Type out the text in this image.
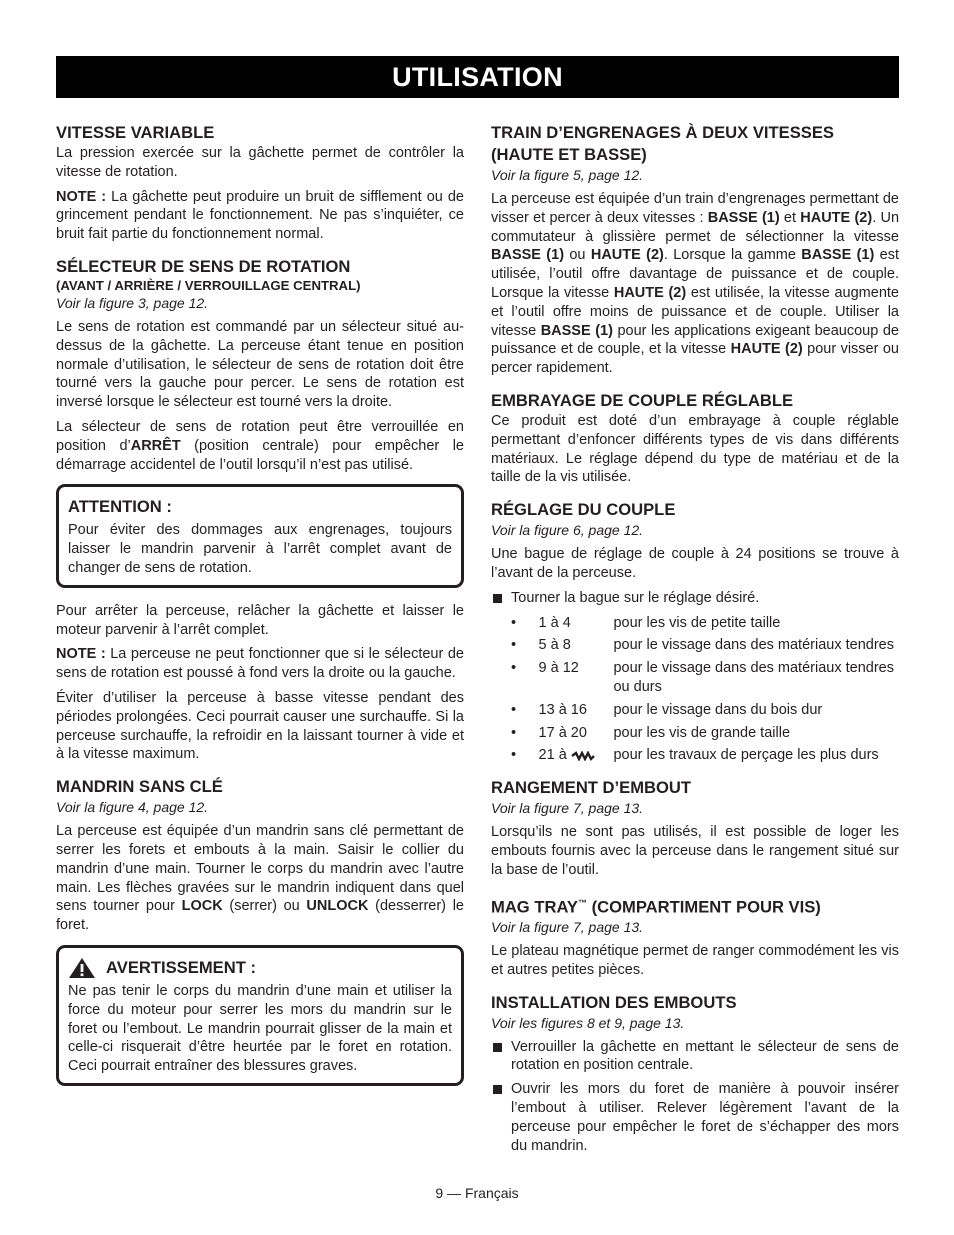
UTILISATION
VITESSE VARIABLE

La pression exercée sur la gâchette permet de contrôler la vitesse de rotation.

NOTE : La gâchette peut produire un bruit de sifflement ou de grincement pendant le fonctionnement. Ne pas s’inquiéter, ce bruit fait partie du fonctionnement normal.

SÉLECTEUR DE SENS DE ROTATION
(AVANT / ARRIÈRE / VERROUILLAGE CENTRAL)
Voir la figure 3, page 12.

Le sens de rotation est commandé par un sélecteur situé au-dessus de la gâchette. La perceuse étant tenue en position normale d’utilisation, le sélecteur de sens de rotation doit être tourné vers la gauche pour percer. Le sens de rotation est inversé lorsque le sélecteur est tourné vers la droite.

La sélecteur de sens de rotation peut être verrouillée en position d’ARRÊT (position centrale) pour empêcher le démarrage accidentel de l’outil lorsqu’il n’est pas utilisé.

ATTENTION :

Pour éviter des dommages aux engrenages, toujours laisser le mandrin parvenir à l’arrêt complet avant de changer de sens de rotation.

Pour arrêter la perceuse, relâcher la gâchette et laisser le moteur parvenir à l’arrêt complet.

NOTE : La perceuse ne peut fonctionner que si le sélecteur de sens de rotation est poussé à fond vers la droite ou la gauche.

Éviter d’utiliser la perceuse à basse vitesse pendant des périodes prolongées. Ceci pourrait causer une surchauffe. Si la perceuse surchauffe, la refroidir en la laissant tourner à vide et à la vitesse maximum.

MANDRIN SANS CLÉ
Voir la figure 4, page 12.

La perceuse est équipée d’un mandrin sans clé permettant de serrer les forets et embouts à la main. Saisir le collier du mandrin d’une main. Tourner le corps du mandrin avec l’autre main. Les flèches gravées sur le mandrin indiquent dans quel sens tourner pour LOCK (serrer) ou UNLOCK (desserrer) le foret.

AVERTISSEMENT :

Ne pas tenir le corps du mandrin d’une main et utiliser la force du moteur pour serrer les mors du mandrin sur le foret ou l’embout. Le mandrin pourrait glisser de la main et celle-ci risquerait d’être heurtée par le foret en rotation. Ceci pourrait entraîner des blessures graves.

TRAIN D’ENGRENAGES À DEUX VITESSES (HAUTE ET BASSE)
Voir la figure 5, page 12.

La perceuse est équipée d’un train d’engrenages permettant de visser et percer à deux vitesses : BASSE (1) et HAUTE (2). Un commutateur à glissière permet de sélectionner la vitesse BASSE (1) ou HAUTE (2). Lorsque la gamme BASSE (1) est utilisée, l’outil offre davantage de puissance et de couple. Lorsque la vitesse HAUTE (2) est utilisée, la vitesse augmente et l’outil offre moins de puissance et de couple. Utiliser la vitesse BASSE (1) pour les applications exigeant beaucoup de puissance et de couple, et la vitesse HAUTE (2) pour visser ou percer rapidement.

EMBRAYAGE DE COUPLE RÉGLABLE

Ce produit est doté d’un embrayage à couple réglable permettant d’enfoncer différents types de vis dans différents matériaux. Le réglage dépend du type de matériau et de la taille de la vis utilisée.

RÉGLAGE DU COUPLE
Voir la figure 6, page 12.

Une bague de réglage de couple à 24 positions se trouve à l’avant de la perceuse.

Tourner la bague sur le réglage désiré.
•	1 à 4	pour les vis de petite taille
•	5 à 8	pour le vissage dans des matériaux tendres
•	9 à 12	pour le vissage dans des matériaux tendres ou durs
•	13 à 16	pour le vissage dans du bois dur
•	17 à 20	pour les vis de grande taille
•	21 à	pour les travaux de perçage les plus durs
RANGEMENT D’EMBOUT
Voir la figure 7, page 13.

Lorsqu’ils ne sont pas utilisés, il est possible de loger les embouts fournis avec la perceuse dans le rangement situé sur la base de l’outil.

MAG TRAY™ (COMPARTIMENT POUR VIS)
Voir la figure 7, page 13.

Le plateau magnétique permet de ranger commodément les vis et autres petites pièces.

INSTALLATION DES EMBOUTS
Voir les figures 8 et 9, page 13.
Verrouiller la gâchette en mettant le sélecteur de sens de rotation en position centrale.
Ouvrir les mors du foret de manière à pouvoir insérer l’embout à utiliser. Relever légèrement l’avant de la perceuse pour empêcher le foret de s’échapper des mors du mandrin.
9 — Français
